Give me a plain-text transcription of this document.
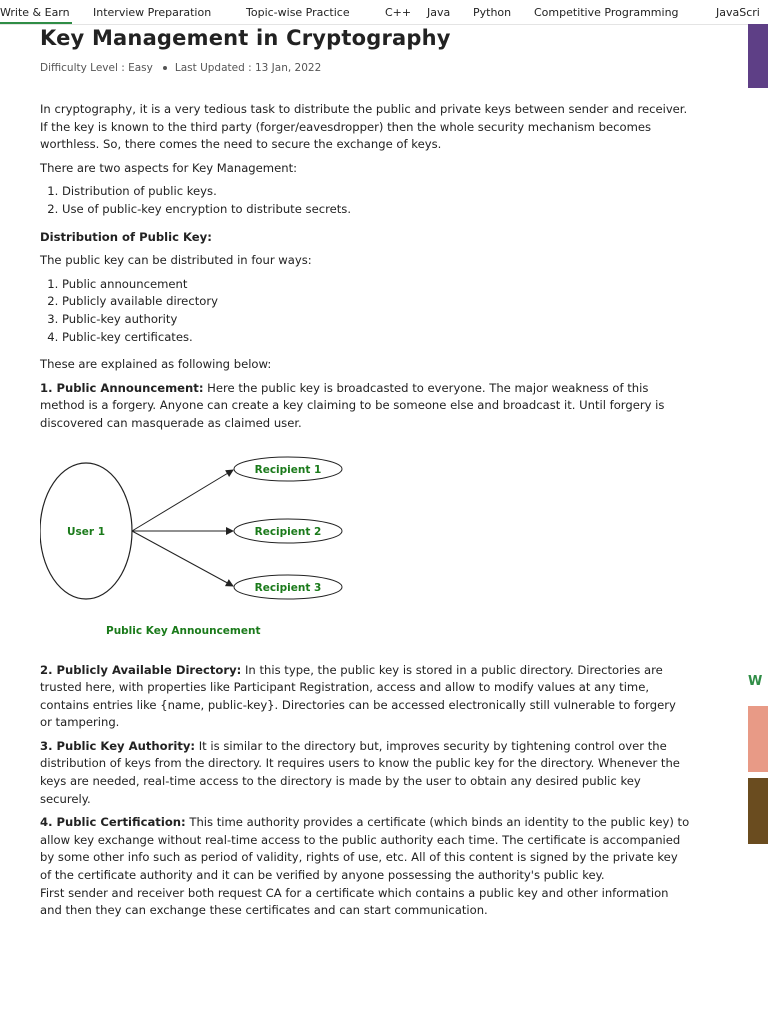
Write & Earn Interview Preparation	Topic-wise Practice	C++ Java Python Competitive Programming	JavaScri
Key Management in Cryptography
Difficulty Level : Easy Last Updated : 13 Jan, 2022

In cryptography, it is a very tedious task to distribute the public and private keys between sender and receiver. If the key is known to the third party (forger/eavesdropper) then the whole security mechanism becomes worthless. So, there comes the need to secure the exchange of keys.

There are two aspects for Key Management:

1. Distribution of public keys.
2. Use of public-key encryption to distribute secrets.
Distribution of Public Key:

The public key can be distributed in four ways:

1. Public announcement
2. Publicly available directory
3. Public-key authority
4. Public-key certificates.

These are explained as following below:

1. Public Announcement: Here the public key is broadcasted to everyone. The major weakness of this method is a forgery. Anyone can create a key claiming to be someone else and broadcast it. Until forgery is discovered can masquerade as claimed user.

User 1
Recipient 1
Recipient 2
Recipient 3
Public Key Announcement

2. Publicly Available Directory: In this type, the public key is stored in a public directory. Directories are trusted here, with properties like Participant Registration, access and allow to modify values at any time, contains entries like {name, public-key}. Directories can be accessed electronically still vulnerable to forgery or tampering.

3. Public Key Authority: It is similar to the directory but, improves security by tightening control over the distribution of keys from the directory. It requires users to know the public key for the directory. Whenever the keys are needed, real-time access to the directory is made by the user to obtain any desired public key securely.

4. Public Certification: This time authority provides a certificate (which binds an identity to the public key) to allow key exchange without real-time access to the public authority each time. The certificate is accompanied by some other info such as period of validity, rights of use, etc. All of this content is signed by the private key of the certificate authority and it can be verified by anyone possessing the authority's public key.

First sender and receiver both request CA for a certificate which contains a public key and other information and then they can exchange these certificates and can start communication.

W
